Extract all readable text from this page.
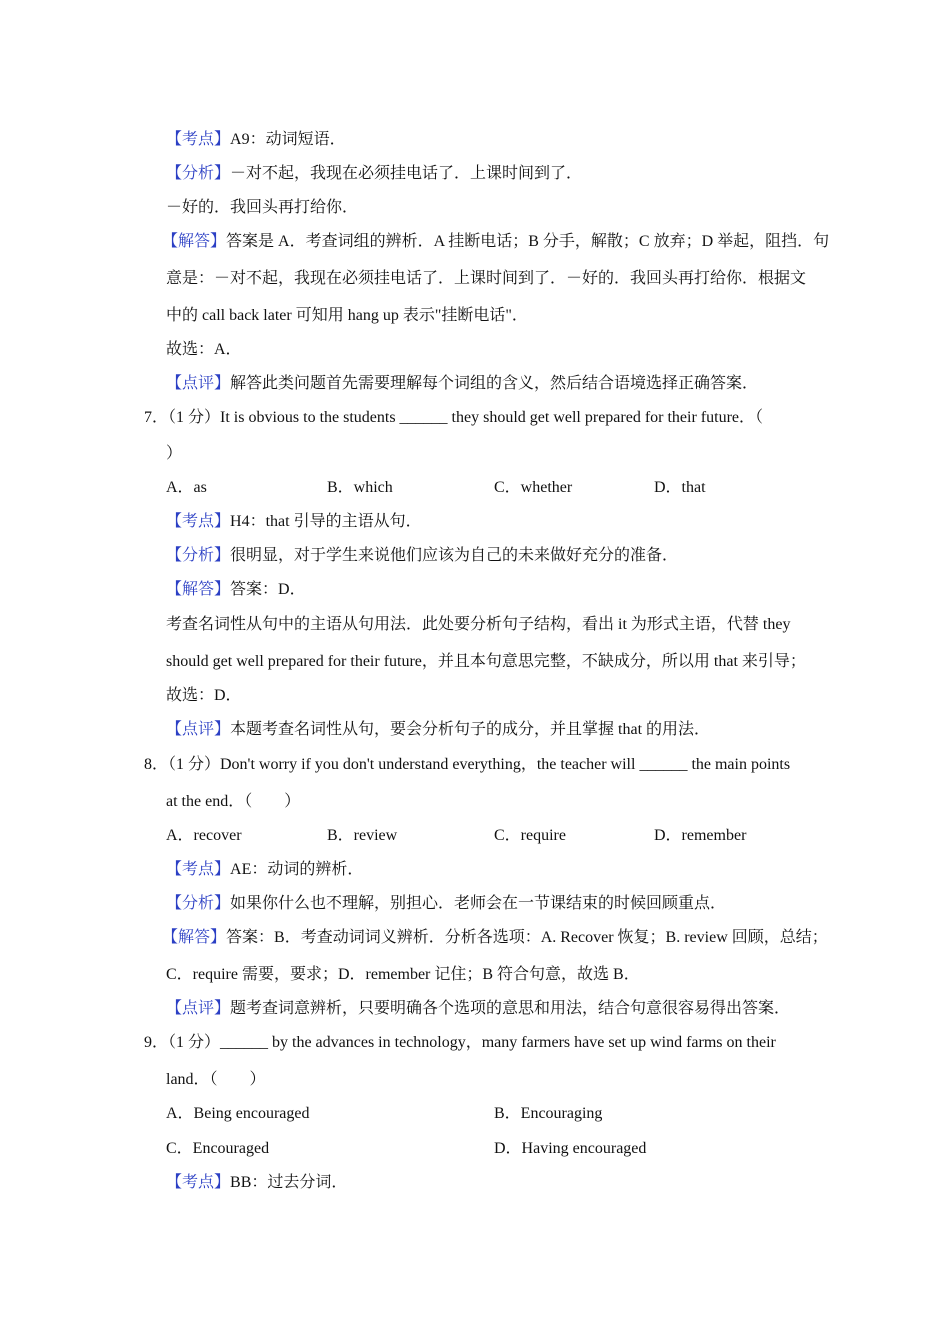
【考点】A9：动词短语．
【分析】－对不起，我现在必须挂电话了．上课时间到了．
－好的．我回头再打给你．
【解答】答案是 A．考查词组的辨析．A 挂断电话；B 分手，解散；C 放弃；D 举起，阻挡．句
意是：－对不起，我现在必须挂电话了．上课时间到了．－好的．我回头再打给你．根据文
中的 call back later 可知用 hang up 表示"挂断电话"．
故选：A．
【点评】解答此类问题首先需要理解每个词组的含义，然后结合语境选择正确答案．
7．（1 分）It is obvious to the students ______ they should get well prepared for their future．（
）
A．as	B．which	C．whether	D．that
【考点】H4：that 引导的主语从句．
【分析】很明显，对于学生来说他们应该为自己的未来做好充分的准备．
【解答】答案：D．
考查名词性从句中的主语从句用法．此处要分析句子结构，看出 it 为形式主语，代替 they
should get well prepared for their future，并且本句意思完整，不缺成分，所以用 that 来引导；
故选：D．
【点评】本题考查名词性从句，要会分析句子的成分，并且掌握 that 的用法．
8．（1 分）Don't worry if you don't understand everything，the teacher will ______ the main points
at the end．（　　）
A．recover	B．review	C．require	D．remember
【考点】AE：动词的辨析．
【分析】如果你什么也不理解，别担心．老师会在一节课结束的时候回顾重点．
【解答】答案：B．考查动词词义辨析．分析各选项：A. Recover 恢复；B. review 回顾，总结；
C．require 需要，要求；D．remember 记住；B 符合句意，故选 B．
【点评】题考查词意辨析，只要明确各个选项的意思和用法，结合句意很容易得出答案．
9．（1 分）______ by the advances in technology，many farmers have set up wind farms on their
land．（　　）
A．Being encouraged	B．Encouraging
C．Encouraged	D．Having encouraged
【考点】BB：过去分词．
